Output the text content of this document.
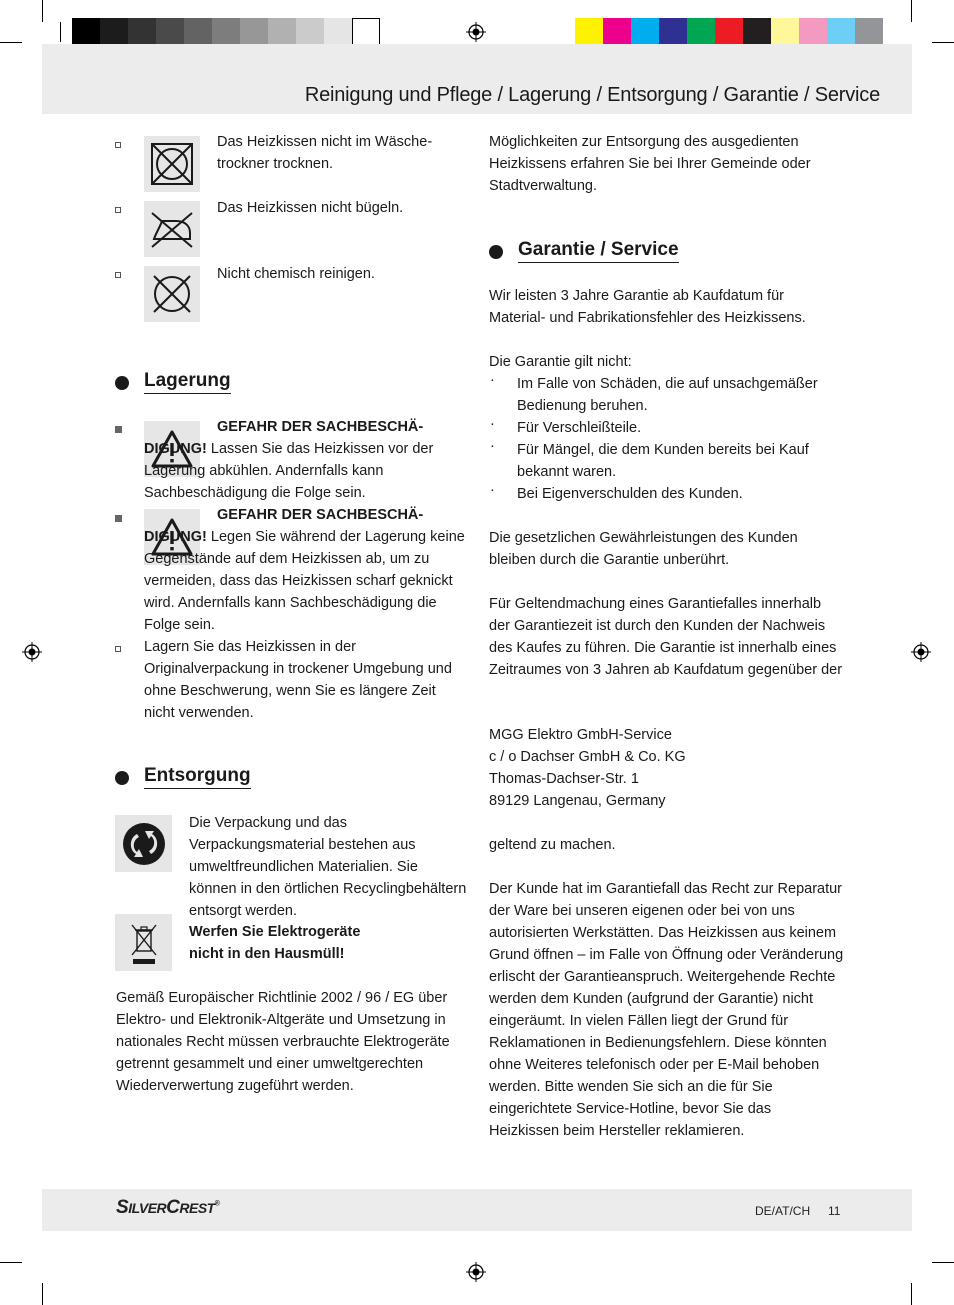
Reinigung und Pflege / Lagerung / Entsorgung / Garantie / Service
Das Heizkissen nicht im Wäsche-trockner trocknen.
Das Heizkissen nicht bügeln.
Nicht chemisch reinigen.
Lagerung
GEFAHR DER SACHBESCHÄ-DIGUNG! Lassen Sie das Heizkissen vor der Lagerung abkühlen. Andernfalls kann Sachbeschädigung die Folge sein.
GEFAHR DER SACHBESCHÄ-DIGUNG! Legen Sie während der Lagerung keine Gegenstände auf dem Heizkissen ab, um zu vermeiden, dass das Heizkissen scharf geknickt wird. Andernfalls kann Sachbeschädigung die Folge sein.
Lagern Sie das Heizkissen in der Originalverpackung in trockener Umgebung und ohne Beschwerung, wenn Sie es längere Zeit nicht verwenden.
Entsorgung
Die Verpackung und das Verpackungsmaterial bestehen aus umweltfreundlichen Materialien. Sie können in den örtlichen Recyclingbehältern entsorgt werden.

Werfen Sie Elektrogeräte

nicht in den Hausmüll!

Gemäß Europäischer Richtlinie 2002 / 96 / EG über Elektro- und Elektronik-Altgeräte und Umsetzung in nationales Recht müssen verbrauchte Elektrogeräte getrennt gesammelt und einer umweltgerechten Wiederverwertung zugeführt werden.
Möglichkeiten zur Entsorgung des ausgedienten Heizkissens erfahren Sie bei Ihrer Gemeinde oder Stadtverwaltung.
Garantie / Service
Wir leisten 3 Jahre Garantie ab Kaufdatum für Material- und Fabrikationsfehler des Heizkissens.
Die Garantie gilt nicht:
· Im Falle von Schäden, die auf unsachgemäßer Bedienung beruhen.
· Für Verschleißteile.
· Für Mängel, die dem Kunden bereits bei Kauf bekannt waren.
· Bei Eigenverschulden des Kunden.
Die gesetzlichen Gewährleistungen des Kunden bleiben durch die Garantie unberührt.
Für Geltendmachung eines Garantiefalles innerhalb der Garantiezeit ist durch den Kunden der Nachweis des Kaufes zu führen. Die Garantie ist innerhalb eines Zeitraumes von 3 Jahren ab Kaufdatum gegenüber der

MGG Elektro GmbH-Service

c / o Dachser GmbH & Co. KG

Thomas-Dachser-Str. 1

89129 Langenau, Germany

geltend zu machen.
Der Kunde hat im Garantiefall das Recht zur Reparatur der Ware bei unseren eigenen oder bei von uns autorisierten Werkstätten. Das Heizkissen aus keinem Grund öffnen – im Falle von Öffnung oder Veränderung erlischt der Garantieanspruch. Weitergehende Rechte werden dem Kunden (aufgrund der Garantie) nicht eingeräumt. In vielen Fällen liegt der Grund für Reklamationen in Bedienungsfehlern. Diese könnten ohne Weiteres telefonisch oder per E-Mail behoben werden. Bitte wenden Sie sich an die für Sie eingerichtete Service-Hotline, bevor Sie das Heizkissen beim Hersteller reklamieren.
SILVERCREST®	DE/AT/CH 11
